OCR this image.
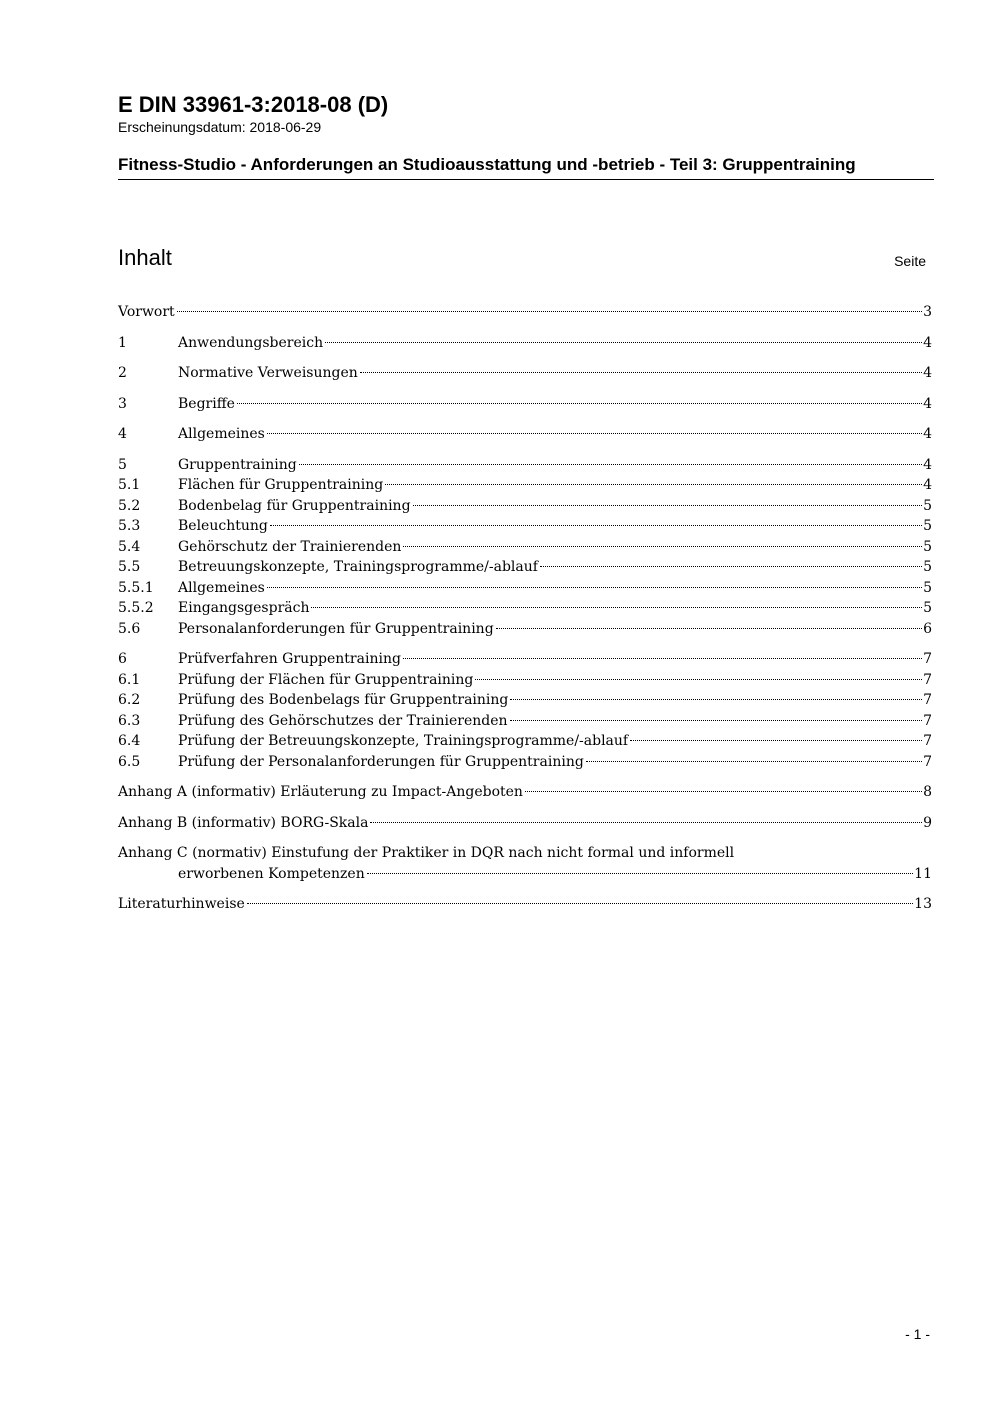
E DIN 33961-3:2018-08 (D)
Erscheinungsdatum: 2018-06-29
Fitness-Studio - Anforderungen an Studioausstattung und -betrieb - Teil 3: Gruppentraining
Inhalt	Seite
Vorwort	3
1	Anwendungsbereich	4
2	Normative Verweisungen	4
3	Begriffe	4
4	Allgemeines	4
5	Gruppentraining	4
5.1	Flächen für Gruppentraining	4
5.2	Bodenbelag für Gruppentraining	5
5.3	Beleuchtung	5
5.4	Gehörschutz der Trainierenden	5
5.5	Betreuungskonzepte, Trainingsprogramme/-ablauf	5
5.5.1	Allgemeines	5
5.5.2	Eingangsgespräch	5
5.6	Personalanforderungen für Gruppentraining	6
6	Prüfverfahren Gruppentraining	7
6.1	Prüfung der Flächen für Gruppentraining	7
6.2	Prüfung des Bodenbelags für Gruppentraining	7
6.3	Prüfung des Gehörschutzes der Trainierenden	7
6.4	Prüfung der Betreuungskonzepte, Trainingsprogramme/-ablauf	7
6.5	Prüfung der Personalanforderungen für Gruppentraining	7
Anhang A (informativ) Erläuterung zu Impact-Angeboten	8
Anhang B (informativ) BORG-Skala	9
Anhang C (normativ) Einstufung der Praktiker in DQR nach nicht formal und informell
erworbenen Kompetenzen	11
Literaturhinweise	13
- 1 -
